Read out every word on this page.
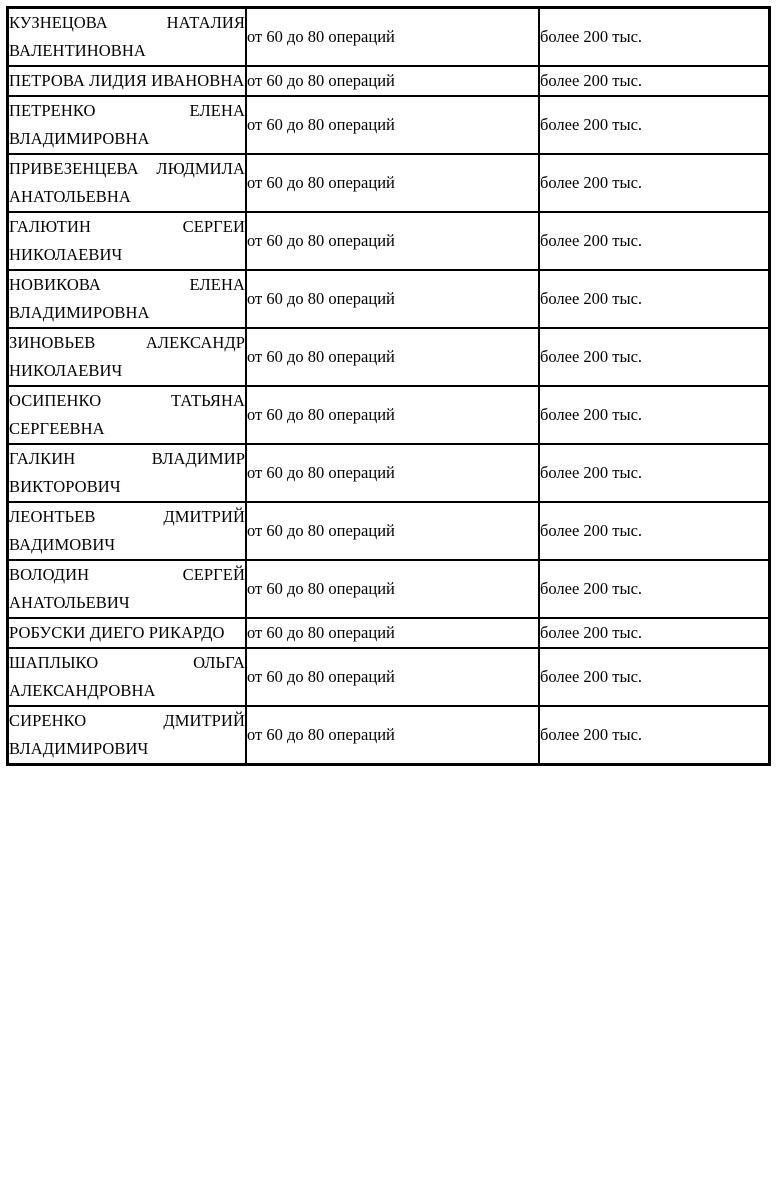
КУЗНЕЦОВА НАТАЛИЯ ВАЛЕНТИНОВНА	от 60 до 80 операций	более 200 тыс.
ПЕТРОВА ЛИДИЯ ИВАНОВНА	от 60 до 80 операций	более 200 тыс.
ПЕТРЕНКО ЕЛЕНА ВЛАДИМИРОВНА	от 60 до 80 операций	более 200 тыс.
ПРИВЕЗЕНЦЕВА ЛЮДМИЛА АНАТОЛЬЕВНА	от 60 до 80 операций	более 200 тыс.
ГАЛЮТИН СЕРГЕИ НИКОЛАЕВИЧ	от 60 до 80 операций	более 200 тыс.
НОВИКОВА ЕЛЕНА ВЛАДИМИРОВНА	от 60 до 80 операций	более 200 тыс.
ЗИНОВЬЕВ АЛЕКСАНДР НИКОЛАЕВИЧ	от 60 до 80 операций	более 200 тыс.
ОСИПЕНКО ТАТЬЯНА СЕРГЕЕВНА	от 60 до 80 операций	более 200 тыс.
ГАЛКИН ВЛАДИМИР ВИКТОРОВИЧ	от 60 до 80 операций	более 200 тыс.
ЛЕОНТЬЕВ ДМИТРИЙ ВАДИМОВИЧ	от 60 до 80 операций	более 200 тыс.
ВОЛОДИН СЕРГЕЙ АНАТОЛЬЕВИЧ	от 60 до 80 операций	более 200 тыс.
РОБУСКИ ДИЕГО РИКАРДО	от 60 до 80 операций	более 200 тыс.
ШАПЛЫКО ОЛЬГА АЛЕКСАНДРОВНА	от 60 до 80 операций	более 200 тыс.
СИРЕНКО ДМИТРИЙ ВЛАДИМИРОВИЧ	от 60 до 80 операций	более 200 тыс.
